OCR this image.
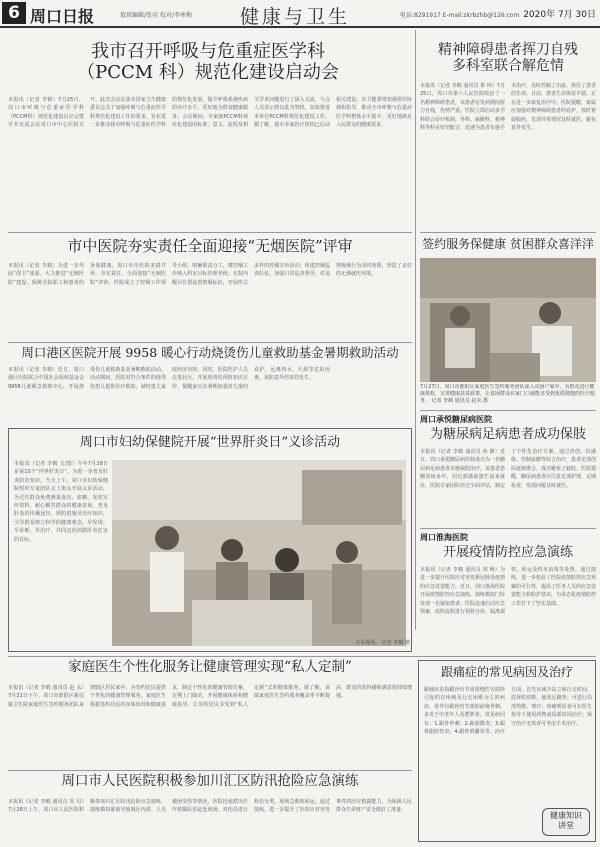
6 周口日报	值班编辑/张宾 校对/李寒梅	健康与卫生	电话:8291917 E-mail:zkrbzhb@126.com 2020年 7月 30日
我市召开呼吸与危重症医学科
（PCCM 科）规范化建设启动会
本报讯（记者 李鹤）7月25日，周口市呼吸与危重症医学科（PCCM科）规范化建设启动会暨学术交流会在周口市中心医院召开。此次会议是落实国家卫生健康委员会关于加强呼吸与危重症医学科规范化建设工作的要求，旨在进一步推动我市呼吸与危重症医学科的规范化发展，提升呼吸系统疾病的诊疗水平，更好地为群众健康服务。会议期间，专家就PCCM科规范化建设的标准、意义、流程及相关学术问题进行了深入交流，与会人员表示将以此为契机，加快推进本单位PCCM科规范化建设工作。据了解，我市多家医疗机构已启动相关建设，市卫健委将加强组织协调和指导，推动全市呼吸与危重症医学科整体水平提升，更好地满足人民群众的健康需求。
精神障碍患者挥刀自残
多科室联合解危情
本报讯（记者 李鹤 通讯员 鲁 珂）7月25日，周口市第六人民医院收治了一名精神障碍患者，该患者在发病期间挥刀自残，伤势严重。医院立即启动多学科联合诊疗机制，外科、麻醉科、精神科等科室密切配合，迅速为患者实施手术治疗，及时控制了出血，保住了患者的生命。目前，患者生命体征平稳，正在进一步康复治疗中。医院提醒，家属应加强对精神障碍患者的看护，按时督促服药，发现异常情况及时就医，避免意外发生。
市中医院夯实责任全面迎接“无烟医院”评审
本报讯（记者 李鹤）为进一步巩固“创卫”成果，大力推进“无烟医院”建设，保障全院职工和患者的身体健康，周口市中医院多措并举，夯实责任，全面迎接“无烟医院”评审。医院成立了控烟工作领导小组，明确职责分工，将控烟工作纳入科室目标管理考核；在院内醒目位置设置禁烟标识，开展形式多样的控烟宣传活动；组建控烟巡查队伍，加强日常巡查督导，对违规吸烟行为及时劝阻，营造了良好的无烟就医环境。
签约服务保健康 贫困群众喜洋洋
7月27日，周口市淮阳区家庭医生签约服务团队深入贫困户家中，为群众进行健康体检，宣讲健康扶贫政策，让贫困群众在家门口就能享受到优质便捷的医疗服务。 记者 李鹤 通讯员 赵永 摄
周口港区医院开展 9958 暖心行动烧烫伤儿童救助基金暑期救助活动
本报讯（记者 李鹤）近日，周口港区医院联合中国社会福利基金会9958儿童紧急救助中心，开展烧烫伤儿童救助基金暑期救助活动。活动期间，医院对符合条件的烧烫伤患儿提供医疗救助，减轻患儿家庭经济负担。同时，医院医护人员走进社区，开展烧烫伤预防知识宣传，提醒家长在暑期加强对儿童的看护，远离热水、火源等危险因素，预防意外伤害的发生。
周口市妇幼保健院开展“世界肝炎日”义诊活动
本报讯（记者 李鹤 文/图）今年7月28日是第10个“世界肝炎日”。为进一步普及肝炎防治知识，当天上午，周口市妇幼保健院组织专家团队走上街头开展义诊活动，为过往群众免费测量血压、血糖，发放宣传资料，耐心解答群众的健康咨询，普及肝炎的传播途径、预防措施及治疗知识，引导群众树立科学的健康观念，早发现、早诊断、早治疗，共同迈向消除肝炎危害的目标。
义诊现场。 记者 李鹤 摄
周口承悦糖尿病医院
为糖尿病足病患者成功保肢
本报讯（记者 李鹤 通讯员 孙 静）近日，周口承悦糖尿病医院成功为一名糖尿病足病患者实施保肢治疗。该患者患糖尿病多年，因足部感染溃烂前来就诊，医院专家团队经过全面评估，制定了个性化治疗方案，通过清创、抗感染、控制血糖等综合治疗，患者足部创面逐渐愈合，成功避免了截肢。医院提醒，糖尿病患者应注意足部护理，定期检查，发现问题及时就医。
周口淮海医院
开展疫情防控应急演练
本报讯（记者 李鹤 通讯员 刘 畅）为进一步提升医院应对突发新冠肺炎疫情的应急处置能力，近日，周口淮海医院开展疫情防控应急演练。演练模拟门诊发现一名疑似患者，医院迅速启动应急预案，按照流程进行预检分诊、隔离观察、转运及终末消毒等处置。通过演练，进一步检验了医院疫情防控应急预案的可行性，提高了医务人员的应急处置能力和防护意识，为常态化疫情防控工作打下了坚实基础。
家庭医生个性化服务让健康管理实现“私人定制”
本报讯（记者 李鹤 通讯员 赵 永）7月21日下午，周口市淮阳区新站镇卫生院家庭医生签约服务团队来到辖区居民家中，为签约居民提供个性化的健康管理服务。家庭医生根据签约居民的身体状况和健康需求，制定个性化的健康管理方案，定期上门随访，开展健康体检和健康指导，让签约居民享受到“私人定制”式的健康服务。据了解，该镇家庭医生签约服务覆盖率不断提高，群众的获得感和满意度持续增强。
跟痛症的常见病因及治疗
跟痛症是指跟骨结节周围慢性劳损所引起的以疼痛及行走困难为主的病症，常伴有跟骨结节部的前缘骨刺。多发于中老年人及肥胖者。常见病因有：1.跟骨骨刺；2.跖筋膜炎；3.跟骨脂肪垫炎；4.跟骨滑囊炎等。治疗方面，首先应减少站立和行走时间，选择软底鞋，使用足跟垫；可进行局部热敷、理疗；疼痛明显者可在医生指导下使用药物或局部封闭治疗；保守治疗无效者可考虑手术治疗。
健康知识 讲堂
周口市人民医院积极参加川汇区防汛抢险应急演练
本报讯（记者 李鹤 通讯员 朱 贝）7月28日上午，周口市人民医院积极参加川汇区防汛抢险应急演练。演练模拟暴雨导致城区内涝、人员被困受伤等情况，医院迅速派出医疗救援队伍赶赴现场，对伤员进行检伤分类、现场急救和转运。通过演练，进一步提升了医院应对突发事件的医疗救援能力，为保障人民群众生命财产安全做好了准备。
